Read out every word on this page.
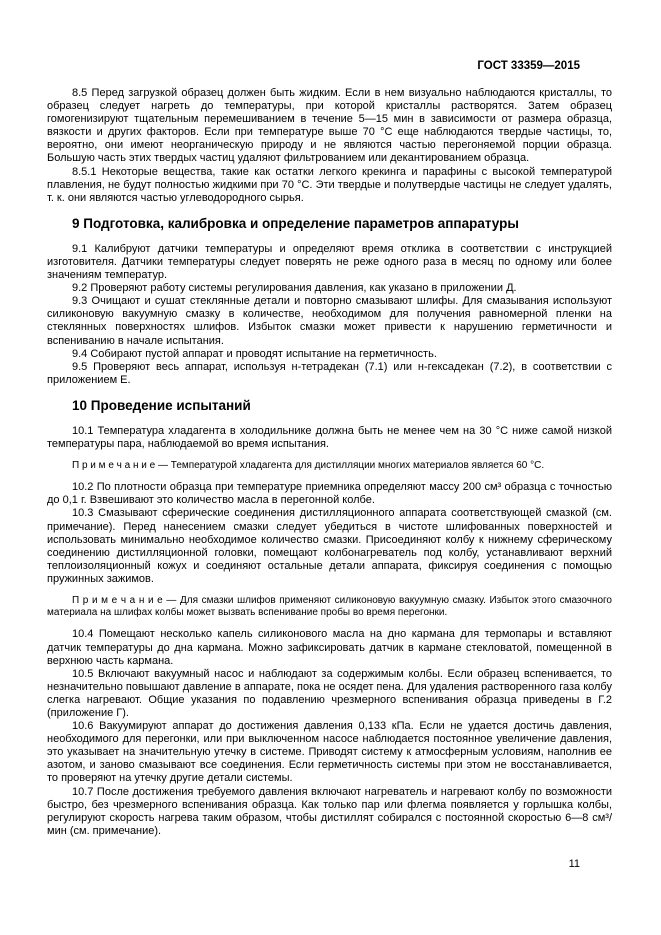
ГОСТ 33359—2015

8.5 Перед загрузкой образец должен быть жидким. Если в нем визуально наблюдаются кристаллы, то образец следует нагреть до температуры, при которой кристаллы растворятся. Затем образец гомогенизируют тщательным перемешиванием в течение 5—15 мин в зависимости от размера образца, вязкости и других факторов. Если при температуре выше 70 °С еще наблюдаются твердые частицы, то, вероятно, они имеют неорганическую природу и не являются частью перегоняемой порции образца. Большую часть этих твердых частиц удаляют фильтрованием или декантированием образца.

8.5.1 Некоторые вещества, такие как остатки легкого крекинга и парафины с высокой температурой плавления, не будут полностью жидкими при 70 °С. Эти твердые и полутвердые частицы не следует удалять, т. к. они являются частью углеводородного сырья.

9 Подготовка, калибровка и определение параметров аппаратуры

9.1 Калибруют датчики температуры и определяют время отклика в соответствии с инструкцией изготовителя. Датчики температуры следует поверять не реже одного раза в месяц по одному или более значениям температур.

9.2 Проверяют работу системы регулирования давления, как указано в приложении Д.

9.3 Очищают и сушат стеклянные детали и повторно смазывают шлифы. Для смазывания используют силиконовую вакуумную смазку в количестве, необходимом для получения равномерной пленки на стеклянных поверхностях шлифов. Избыток смазки может привести к нарушению герметичности и вспениванию в начале испытания.

9.4 Собирают пустой аппарат и проводят испытание на герметичность.

9.5 Проверяют весь аппарат, используя н-тетрадекан (7.1) или н-гексадекан (7.2), в соответствии с приложением Е.

10 Проведение испытаний

10.1 Температура хладагента в холодильнике должна быть не менее чем на 30 °С ниже самой низкой температуры пара, наблюдаемой во время испытания.

П р и м е ч а н и е — Температурой хладагента для дистилляции многих материалов является 60 °С.

10.2 По плотности образца при температуре приемника определяют массу 200 см³ образца с точностью до 0,1 г. Взвешивают это количество масла в перегонной колбе.

10.3 Смазывают сферические соединения дистилляционного аппарата соответствующей смазкой (см. примечание). Перед нанесением смазки следует убедиться в чистоте шлифованных поверхностей и использовать минимально необходимое количество смазки. Присоединяют колбу к нижнему сферическому соединению дистилляционной головки, помещают колбонагреватель под колбу, устанавливают верхний теплоизоляционный кожух и соединяют остальные детали аппарата, фиксируя соединения с помощью пружинных зажимов.

П р и м е ч а н и е — Для смазки шлифов применяют силиконовую вакуумную смазку. Избыток этого смазочного материала на шлифах колбы может вызвать вспенивание пробы во время перегонки.

10.4 Помещают несколько капель силиконового масла на дно кармана для термопары и вставляют датчик температуры до дна кармана. Можно зафиксировать датчик в кармане стекловатой, помещенной в верхнюю часть кармана.

10.5 Включают вакуумный насос и наблюдают за содержимым колбы. Если образец вспенивается, то незначительно повышают давление в аппарате, пока не осядет пена. Для удаления растворенного газа колбу слегка нагревают. Общие указания по подавлению чрезмерного вспенивания образца приведены в Г.2 (приложение Г).

10.6 Вакуумируют аппарат до достижения давления 0,133 кПа. Если не удается достичь давления, необходимого для перегонки, или при выключенном насосе наблюдается постоянное увеличение давления, это указывает на значительную утечку в системе. Приводят систему к атмосферным условиям, наполнив ее азотом, и заново смазывают все соединения. Если герметичность системы при этом не восстанавливается, то проверяют на утечку другие детали системы.

10.7 После достижения требуемого давления включают нагреватель и нагревают колбу по возможности быстро, без чрезмерного вспенивания образца. Как только пар или флегма появляется у горлышка колбы, регулируют скорость нагрева таким образом, чтобы дистиллят собирался с постоянной скоростью 6—8 см³/мин (см. примечание).

11
